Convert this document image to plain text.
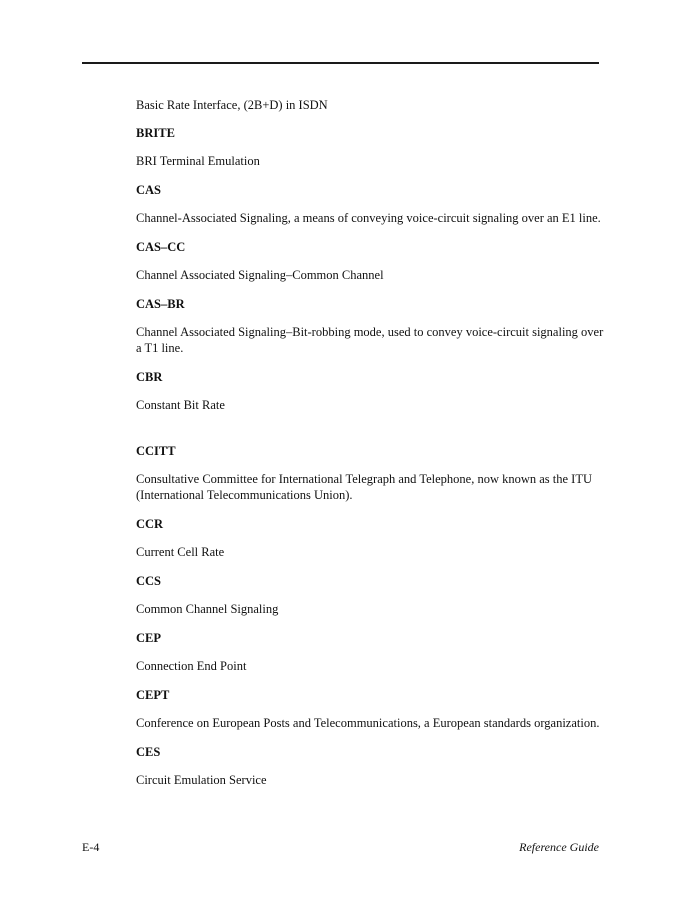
Basic Rate Interface, (2B+D) in ISDN

BRITE

BRI Terminal Emulation

CAS

Channel-Associated Signaling, a means of conveying voice-circuit signaling over an E1 line.

CAS–CC

Channel Associated Signaling–Common Channel

CAS–BR

Channel Associated Signaling–Bit-robbing mode, used to convey voice-circuit signaling over a T1 line.

CBR

Constant Bit Rate

CCITT

Consultative Committee for International Telegraph and Telephone, now known as the ITU (International Telecommunications Union).

CCR

Current Cell Rate

CCS

Common Channel Signaling

CEP

Connection End Point

CEPT

Conference on European Posts and Telecommunications, a European standards organization.

CES

Circuit Emulation Service

E-4	Reference Guide
